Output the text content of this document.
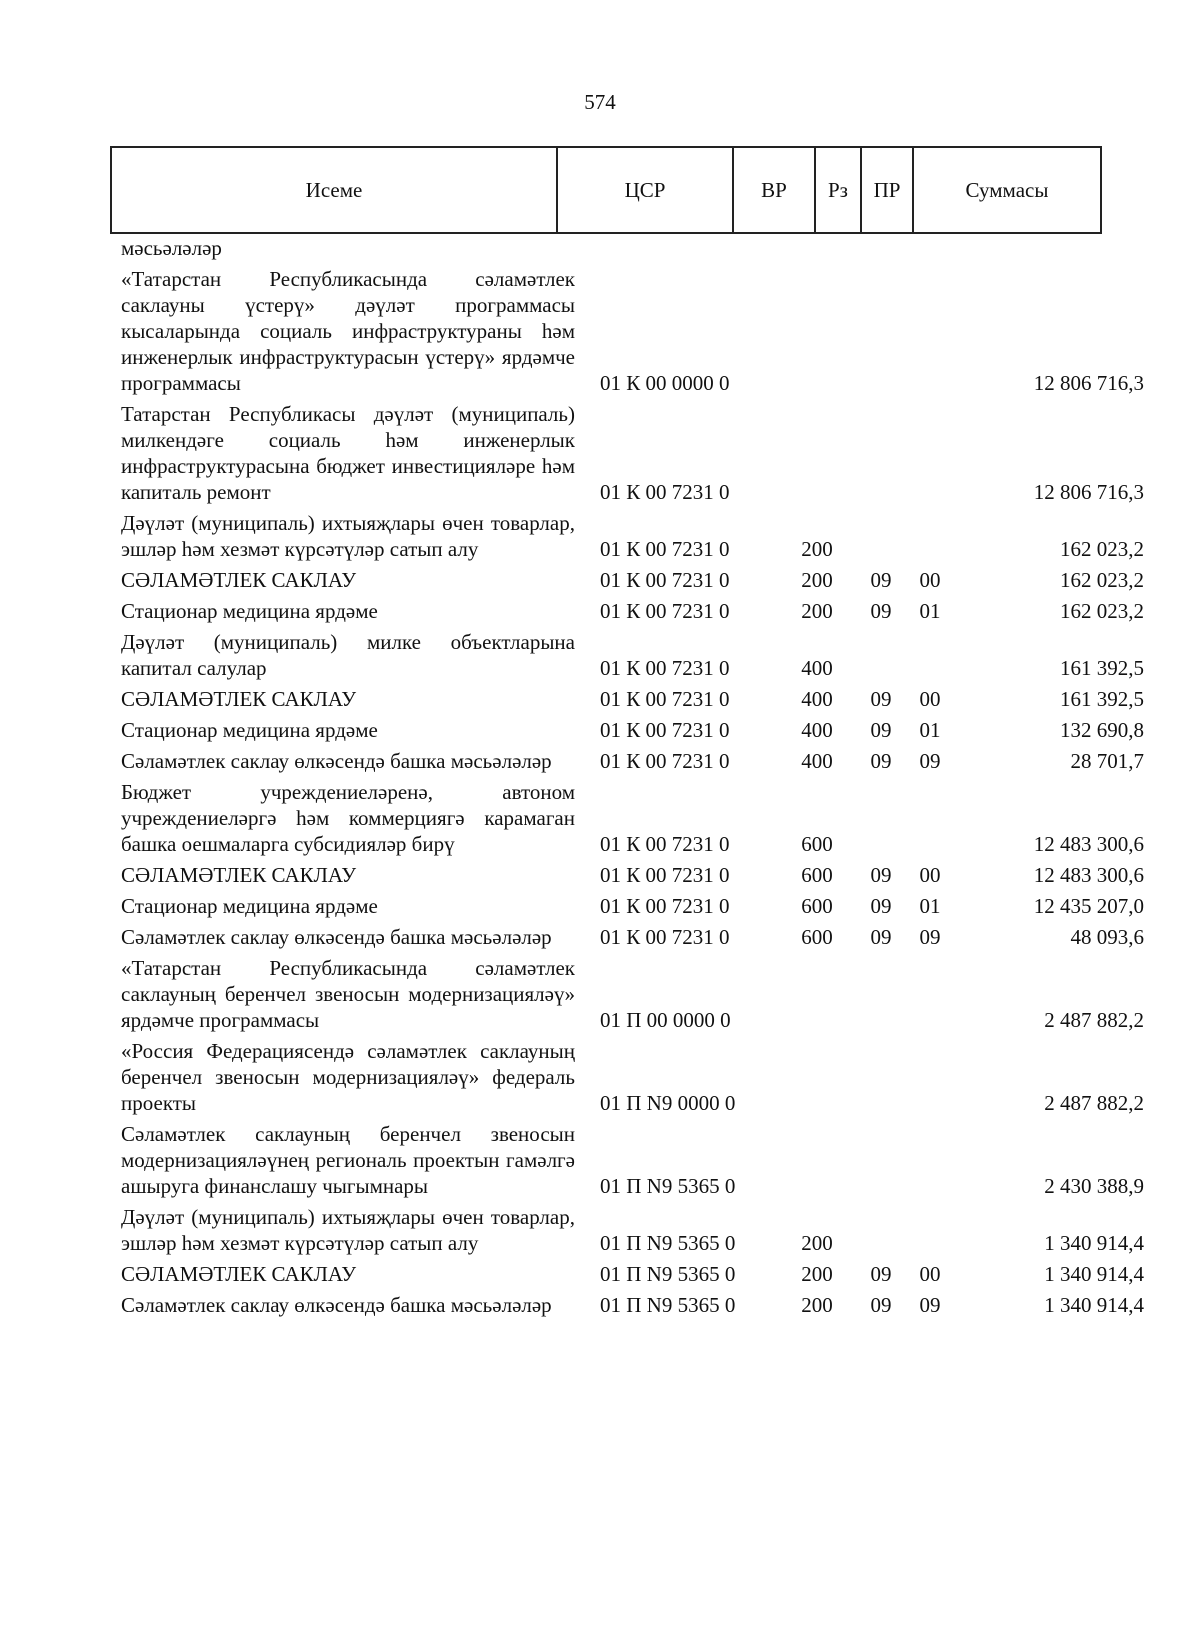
574
Исеме	ЦСР	ВР	Рз	ПР	Суммасы
мәсьәләләр					
«Татарстан Республикасында сәламәтлек саклауны үстерү» дәүләт программасы кысаларында социаль инфраструктураны һәм инженерлык инфраструктурасын үстерү» ярдәмче программасы	01 К 00 0000 0				12 806 716,3
Татарстан Республикасы дәүләт (муниципаль) милкендәге социаль һәм инженерлык инфраструктурасына бюджет инвестицияләре һәм капиталь ремонт	01 К 00 7231 0				12 806 716,3
Дәүләт (муниципаль) ихтыяҗлары өчен товарлар, эшләр һәм хезмәт күрсәтүләр сатып алу	01 К 00 7231 0	200			162 023,2
СӘЛАМӘТЛЕК САКЛАУ	01 К 00 7231 0	200	09	00	162 023,2
Стационар медицина ярдәме	01 К 00 7231 0	200	09	01	162 023,2
Дәүләт (муниципаль) милке объектларына капитал салулар	01 К 00 7231 0	400			161 392,5
СӘЛАМӘТЛЕК САКЛАУ	01 К 00 7231 0	400	09	00	161 392,5
Стационар медицина ярдәме	01 К 00 7231 0	400	09	01	132 690,8
Сәламәтлек саклау өлкәсендә башка мәсьәләләр	01 К 00 7231 0	400	09	09	28 701,7
Бюджет учреждениеләренә, автоном учреждениеләргә һәм коммерциягә карамаган башка оешмаларга субсидияләр бирү	01 К 00 7231 0	600			12 483 300,6
СӘЛАМӘТЛЕК САКЛАУ	01 К 00 7231 0	600	09	00	12 483 300,6
Стационар медицина ярдәме	01 К 00 7231 0	600	09	01	12 435 207,0
Сәламәтлек саклау өлкәсендә башка мәсьәләләр	01 К 00 7231 0	600	09	09	48 093,6
«Татарстан Республикасында сәламәтлек саклауның беренчел звеносын модернизацияләү» ярдәмче программасы	01 П 00 0000 0				2 487 882,2
«Россия Федерациясендә сәламәтлек саклауның беренчел звеносын модернизацияләү» федераль проекты	01 П N9 0000 0				2 487 882,2
Сәламәтлек саклауның беренчел звеносын модернизацияләүнең региональ проектын гамәлгә ашыруга финанслашу чыгымнары	01 П N9 5365 0				2 430 388,9
Дәүләт (муниципаль) ихтыяҗлары өчен товарлар, эшләр һәм хезмәт күрсәтүләр сатып алу	01 П N9 5365 0	200			1 340 914,4
СӘЛАМӘТЛЕК САКЛАУ	01 П N9 5365 0	200	09	00	1 340 914,4
Сәламәтлек саклау өлкәсендә башка мәсьәләләр	01 П N9 5365 0	200	09	09	1 340 914,4
